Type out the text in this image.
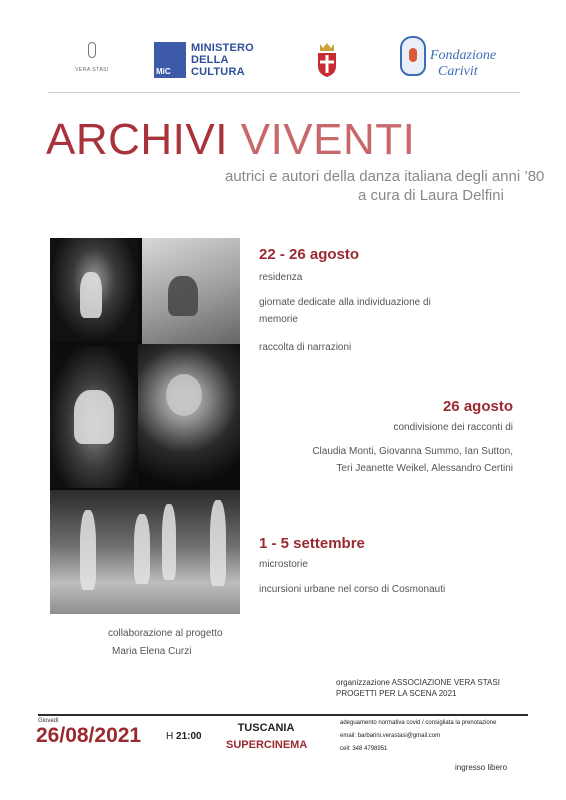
VERA STASI	MiC
MINISTERO
DELLA
CULTURA
Fondazione
Carivit
ARCHIVI VIVENTI
autrici e autori della danza italiana degli anni ’80
a cura di Laura Delfini
22 - 26 agosto
residenza
giornate dedicate alla individuazione di
memorie
raccolta di narrazioni
26 agosto
condivisione dei racconti di
Claudia Monti, Giovanna Summo, Ian Sutton,
Teri Jeanette Weikel, Alessandro Certini
1 - 5 settembre
microstorie
incursioni urbane nel corso di Cosmonauti
collaborazione al progetto
Maria Elena Curzi
organizzazione ASSOCIAZIONE VERA STASI
PROGETTI PER LA SCENA 2021
Giovedì
26/08/2021 H 21:00
TUSCANIA
SUPERCINEMA
adeguamento normativa covid / consigliata la prenotazione
email: barbarini.verastasi@gmail.com
cell: 348 4798951
ingresso libero
